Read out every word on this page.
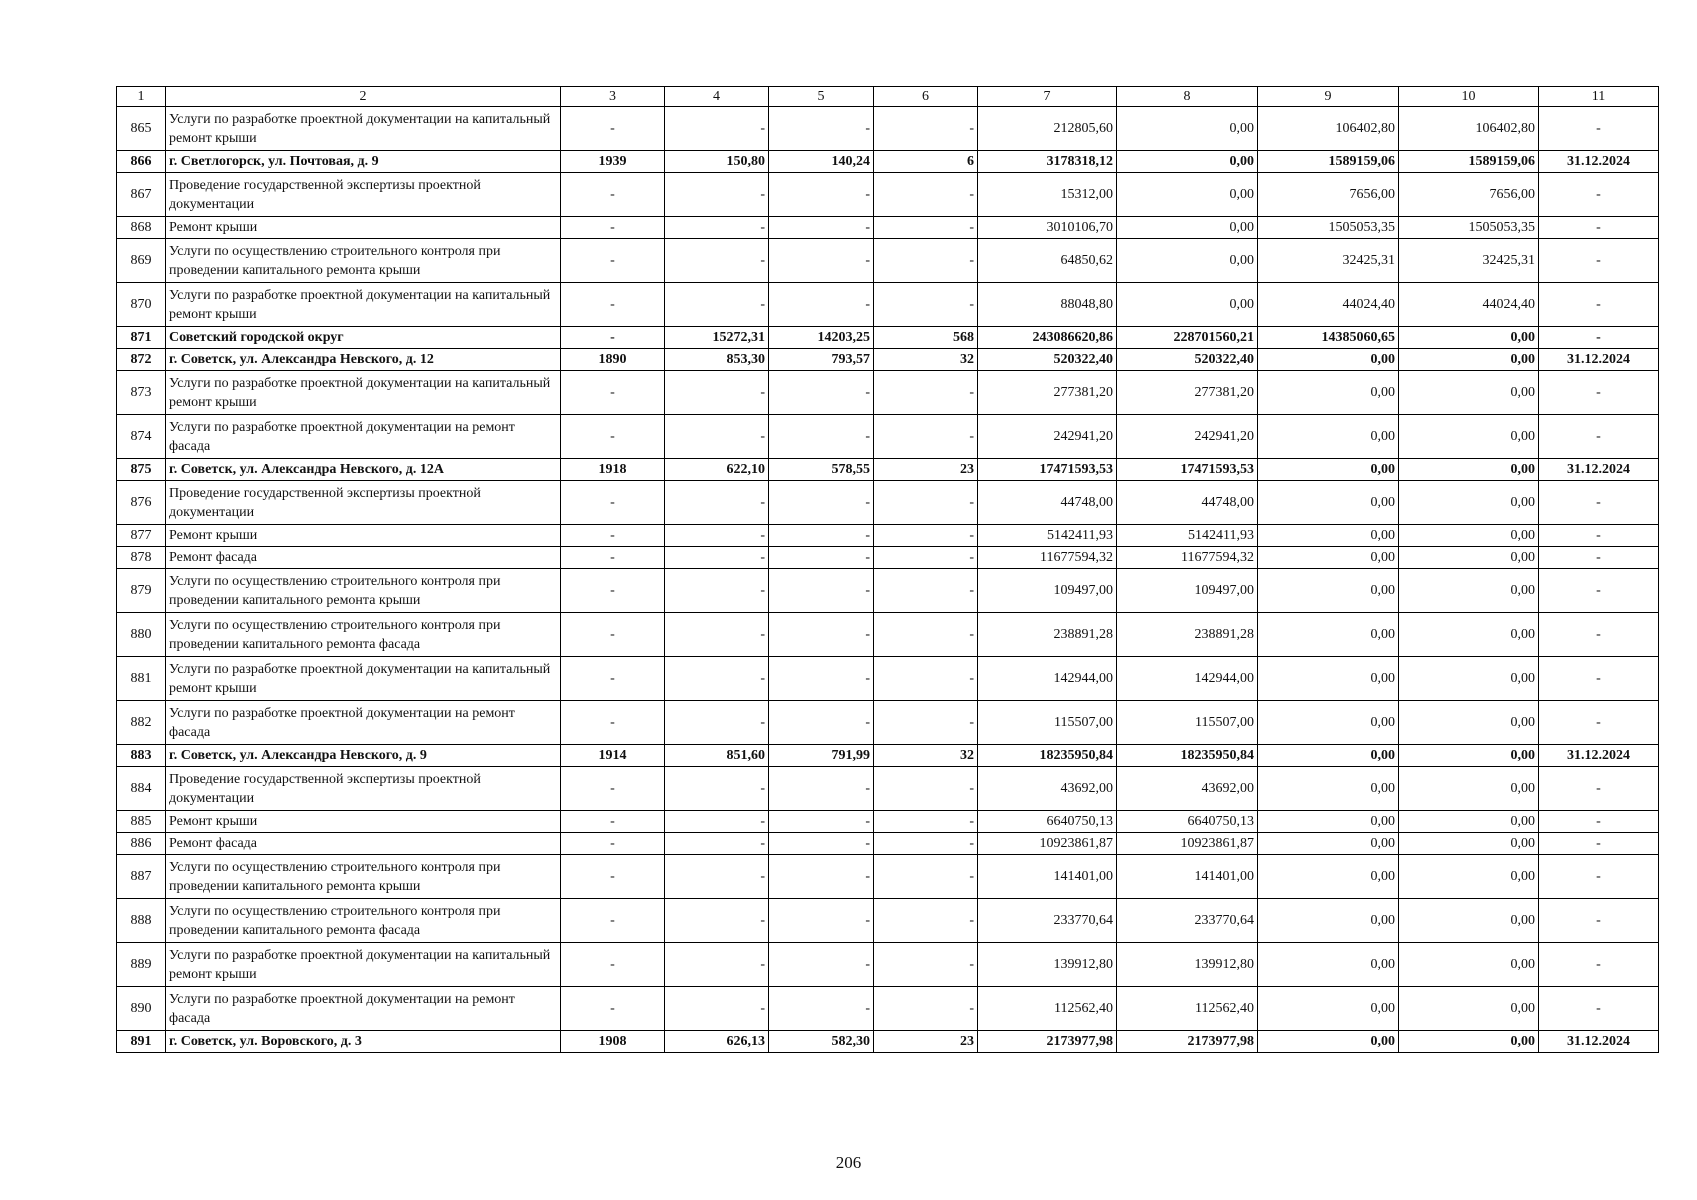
1	2	3	4	5	6	7	8	9	10	11
865	Услуги по разработке проектной документации на капитальный ремонт крыши	-	-	-	-	212805,60	0,00	106402,80	106402,80	-
866	г. Светлогорск, ул. Почтовая, д. 9	1939	150,80	140,24	6	3178318,12	0,00	1589159,06	1589159,06	31.12.2024
867	Проведение государственной экспертизы проектной документации	-	-	-	-	15312,00	0,00	7656,00	7656,00	-
868	Ремонт крыши	-	-	-	-	3010106,70	0,00	1505053,35	1505053,35	-
869	Услуги по осуществлению строительного контроля при проведении капитального ремонта крыши	-	-	-	-	64850,62	0,00	32425,31	32425,31	-
870	Услуги по разработке проектной документации на капитальный ремонт крыши	-	-	-	-	88048,80	0,00	44024,40	44024,40	-
871	Советский городской округ	-	15272,31	14203,25	568	243086620,86	228701560,21	14385060,65	0,00	-
872	г. Советск, ул. Александра Невского, д. 12	1890	853,30	793,57	32	520322,40	520322,40	0,00	0,00	31.12.2024
873	Услуги по разработке проектной документации на капитальный ремонт крыши	-	-	-	-	277381,20	277381,20	0,00	0,00	-
874	Услуги по разработке проектной документации на ремонт фасада	-	-	-	-	242941,20	242941,20	0,00	0,00	-
875	г. Советск, ул. Александра Невского, д. 12А	1918	622,10	578,55	23	17471593,53	17471593,53	0,00	0,00	31.12.2024
876	Проведение государственной экспертизы проектной документации	-	-	-	-	44748,00	44748,00	0,00	0,00	-
877	Ремонт крыши	-	-	-	-	5142411,93	5142411,93	0,00	0,00	-
878	Ремонт фасада	-	-	-	-	11677594,32	11677594,32	0,00	0,00	-
879	Услуги по осуществлению строительного контроля при проведении капитального ремонта крыши	-	-	-	-	109497,00	109497,00	0,00	0,00	-
880	Услуги по осуществлению строительного контроля при проведении капитального ремонта фасада	-	-	-	-	238891,28	238891,28	0,00	0,00	-
881	Услуги по разработке проектной документации на капитальный ремонт крыши	-	-	-	-	142944,00	142944,00	0,00	0,00	-
882	Услуги по разработке проектной документации на ремонт фасада	-	-	-	-	115507,00	115507,00	0,00	0,00	-
883	г. Советск, ул. Александра Невского, д. 9	1914	851,60	791,99	32	18235950,84	18235950,84	0,00	0,00	31.12.2024
884	Проведение государственной экспертизы проектной документации	-	-	-	-	43692,00	43692,00	0,00	0,00	-
885	Ремонт крыши	-	-	-	-	6640750,13	6640750,13	0,00	0,00	-
886	Ремонт фасада	-	-	-	-	10923861,87	10923861,87	0,00	0,00	-
887	Услуги по осуществлению строительного контроля при проведении капитального ремонта крыши	-	-	-	-	141401,00	141401,00	0,00	0,00	-
888	Услуги по осуществлению строительного контроля при проведении капитального ремонта фасада	-	-	-	-	233770,64	233770,64	0,00	0,00	-
889	Услуги по разработке проектной документации на капитальный ремонт крыши	-	-	-	-	139912,80	139912,80	0,00	0,00	-
890	Услуги по разработке проектной документации на ремонт фасада	-	-	-	-	112562,40	112562,40	0,00	0,00	-
891	г. Советск, ул. Воровского, д. 3	1908	626,13	582,30	23	2173977,98	2173977,98	0,00	0,00	31.12.2024
206
